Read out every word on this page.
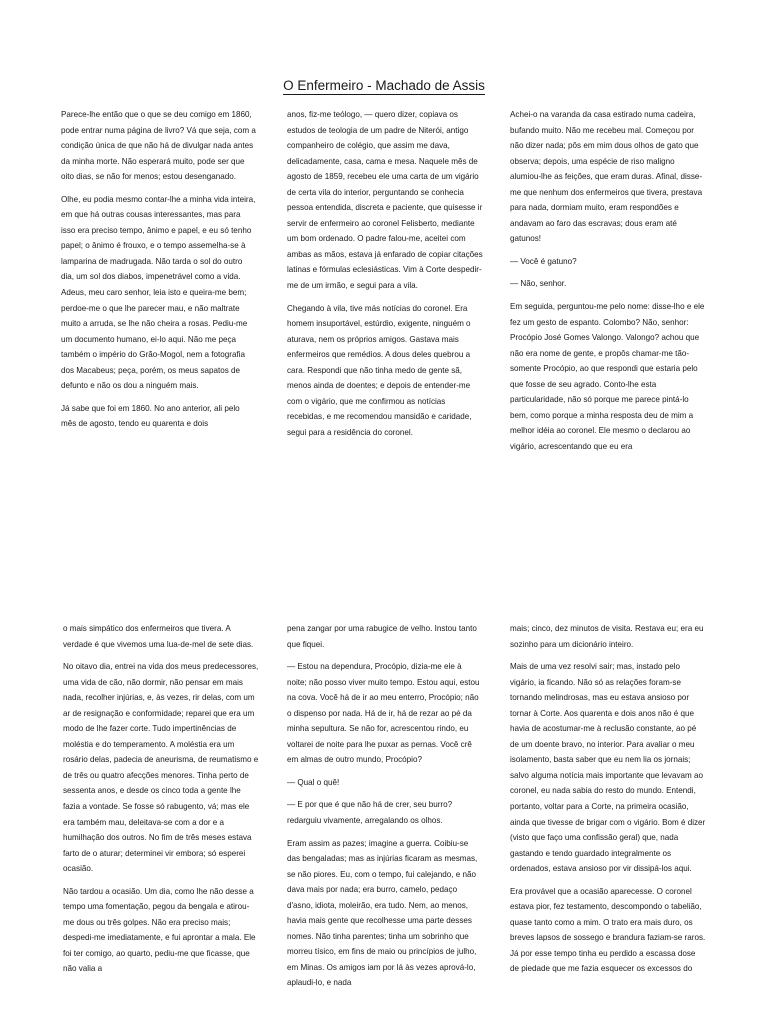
O Enfermeiro - Machado de Assis

Parece-lhe então que o que se deu comigo em 1860, pode entrar numa página de livro? Vá que seja, com a condição única de que não há de divulgar nada antes da minha morte. Não esperará muito, pode ser que oito dias, se não for menos; estou desenganado.

Olhe, eu podia mesmo contar-lhe a minha vida inteira, em que há outras cousas interessantes, mas para isso era preciso tempo, ânimo e papel, e eu só tenho papel; o ânimo é frouxo, e o tempo assemelha-se à lamparina de madrugada. Não tarda o sol do outro dia, um sol dos diabos, impenetrável como a vida. Adeus, meu caro senhor, leia isto e queira-me bem; perdoe-me o que lhe parecer mau, e não maltrate muito a arruda, se lhe não cheira a rosas. Pediu-me um documento humano, ei-lo aqui. Não me peça também o império do Grão-Mogol, nem a fotografia dos Macabeus; peça, porém, os meus sapatos de defunto e não os dou a ninguém mais.

Já sabe que foi em 1860. No ano anterior, ali pelo mês de agosto, tendo eu quarenta e dois

anos, fiz-me teólogo, — quero dizer, copiava os estudos de teologia de um padre de Niterói, antigo companheiro de colégio, que assim me dava, delicadamente, casa, cama e mesa. Naquele mês de agosto de 1859, recebeu ele uma carta de um vigário de certa vila do interior, perguntando se conhecia pessoa entendida, discreta e paciente, que quisesse ir servir de enfermeiro ao coronel Felisberto, mediante um bom ordenado. O padre falou-me, aceitei com ambas as mãos, estava já enfarado de copiar citações latinas e fórmulas eclesiásticas. Vim à Corte despedir-me de um irmão, e segui para a vila.

Chegando à vila, tive más notícias do coronel. Era homem insuportável, estúrdio, exigente, ninguém o aturava, nem os próprios amigos. Gastava mais enfermeiros que remédios. A dous deles quebrou a cara. Respondi que não tinha medo de gente sã, menos ainda de doentes; e depois de entender-me com o vigário, que me confirmou as notícias recebidas, e me recomendou mansidão e caridade, segui para a residência do coronel.

Achei-o na varanda da casa estirado numa cadeira, bufando muito. Não me recebeu mal. Começou por não dizer nada; pôs em mim dous olhos de gato que observa; depois, uma espécie de riso maligno alumiou-lhe as feições, que eram duras. Afinal, disse-me que nenhum dos enfermeiros que tivera, prestava para nada, dormiam muito, eram respondões e andavam ao faro das escravas; dous eram até gatunos!

— Você é gatuno?

— Não, senhor.

Em seguida, perguntou-me pelo nome: disse-lho e ele fez um gesto de espanto. Colombo? Não, senhor: Procópio José Gomes Valongo. Valongo? achou que não era nome de gente, e propôs chamar-me tão-somente Procópio, ao que respondi que estaria pelo que fosse de seu agrado. Conto-lhe esta particularidade, não só porque me parece pintá-lo bem, como porque a minha resposta deu de mim a melhor idéia ao coronel. Ele mesmo o declarou ao vigário, acrescentando que eu era

o mais simpático dos enfermeiros que tivera. A verdade é que vivemos uma lua-de-mel de sete dias.

No oitavo dia, entrei na vida dos meus predecessores, uma vida de cão, não dormir, não pensar em mais nada, recolher injúrias, e, às vezes, rir delas, com um ar de resignação e conformidade; reparei que era um modo de lhe fazer corte. Tudo impertinências de moléstia e do temperamento. A moléstia era um rosário delas, padecia de aneurisma, de reumatismo e de três ou quatro afecções menores. Tinha perto de sessenta anos, e desde os cinco toda a gente lhe fazia a vontade. Se fosse só rabugento, vá; mas ele era também mau, deleitava-se com a dor e a humilhação dos outros. No fim de três meses estava farto de o aturar; determinei vir embora; só esperei ocasião.

Não tardou a ocasião. Um dia, como lhe não desse a tempo uma fomentação, pegou da bengala e atirou-me dous ou três golpes. Não era preciso mais; despedi-me imediatamente, e fui aprontar a mala. Ele foi ter comigo, ao quarto, pediu-me que ficasse, que não valia a

pena zangar por uma rabugice de velho. Instou tanto que fiquei.

— Estou na dependura, Procópio, dizia-me ele à noite; não posso viver muito tempo. Estou aqui, estou na cova. Você há de ir ao meu enterro, Procópio; não o dispenso por nada. Há de ir, há de rezar ao pé da minha sepultura. Se não for, acrescentou rindo, eu voltarei de noite para lhe puxar as pernas. Você crê em almas de outro mundo, Procópio?

— Qual o quê!

— E por que é que não há de crer, seu burro? redarguiu vivamente, arregalando os olhos.

Eram assim as pazes; imagine a guerra. Coibiu-se das bengaladas; mas as injúrias ficaram as mesmas, se não piores. Eu, com o tempo, fui calejando, e não dava mais por nada; era burro, camelo, pedaço d'asno, idiota, moleirão, era tudo. Nem, ao menos, havia mais gente que recolhesse uma parte desses nomes. Não tinha parentes; tinha um sobrinho que morreu tísico, em fins de maio ou princípios de julho, em Minas. Os amigos iam por lá às vezes aprová-lo, aplaudi-lo, e nada

mais; cinco, dez minutos de visita. Restava eu; era eu sozinho para um dicionário inteiro.

Mais de uma vez resolvi sair; mas, instado pelo vigário, ia ficando. Não só as relações foram-se tornando melindrosas, mas eu estava ansioso por tornar à Corte. Aos quarenta e dois anos não é que havia de acostumar-me à reclusão constante, ao pé de um doente bravo, no interior. Para avaliar o meu isolamento, basta saber que eu nem lia os jornais; salvo alguma notícia mais importante que levavam ao coronel, eu nada sabia do resto do mundo. Entendi, portanto, voltar para a Corte, na primeira ocasião, ainda que tivesse de brigar com o vigário. Bom é dizer (visto que faço uma confissão geral) que, nada gastando e tendo guardado integralmente os ordenados, estava ansioso por vir dissipá-los aqui.

Era provável que a ocasião aparecesse. O coronel estava pior, fez testamento, descompondo o tabelião, quase tanto como a mim. O trato era mais duro, os breves lapsos de sossego e brandura faziam-se raros. Já por esse tempo tinha eu perdido a escassa dose de piedade que me fazia esquecer os excessos do
